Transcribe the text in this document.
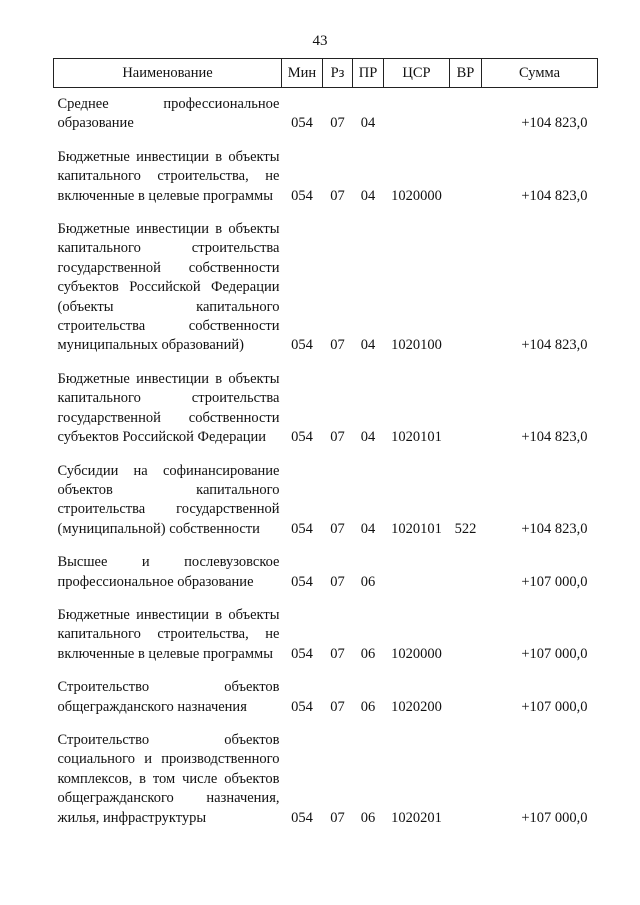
43
Наименование	Мин	Рз	ПР	ЦСР	ВР	Сумма
Среднее профессиональное образование	054	07	04			+104 823,0
Бюджетные инвестиции в объекты капитального строительства, не включенные в целевые программы	054	07	04	1020000		+104 823,0
Бюджетные инвестиции в объекты капитального строительства государственной собственности субъектов Российской Федерации (объекты капитального строительства собственности муниципальных образований)	054	07	04	1020100		+104 823,0
Бюджетные инвестиции в объекты капитального строительства государственной собственности субъектов Российской Федерации	054	07	04	1020101		+104 823,0
Субсидии на софинансирование объектов капитального строительства государственной (муниципальной) собственности	054	07	04	1020101	522	+104 823,0
Высшее и послевузовское профессиональное образование	054	07	06			+107 000,0
Бюджетные инвестиции в объекты капитального строительства, не включенные в целевые программы	054	07	06	1020000		+107 000,0
Строительство объектов общегражданского назначения	054	07	06	1020200		+107 000,0
Строительство объектов социального и производственного комплексов, в том числе объектов общегражданского назначения, жилья, инфраструктуры	054	07	06	1020201		+107 000,0
